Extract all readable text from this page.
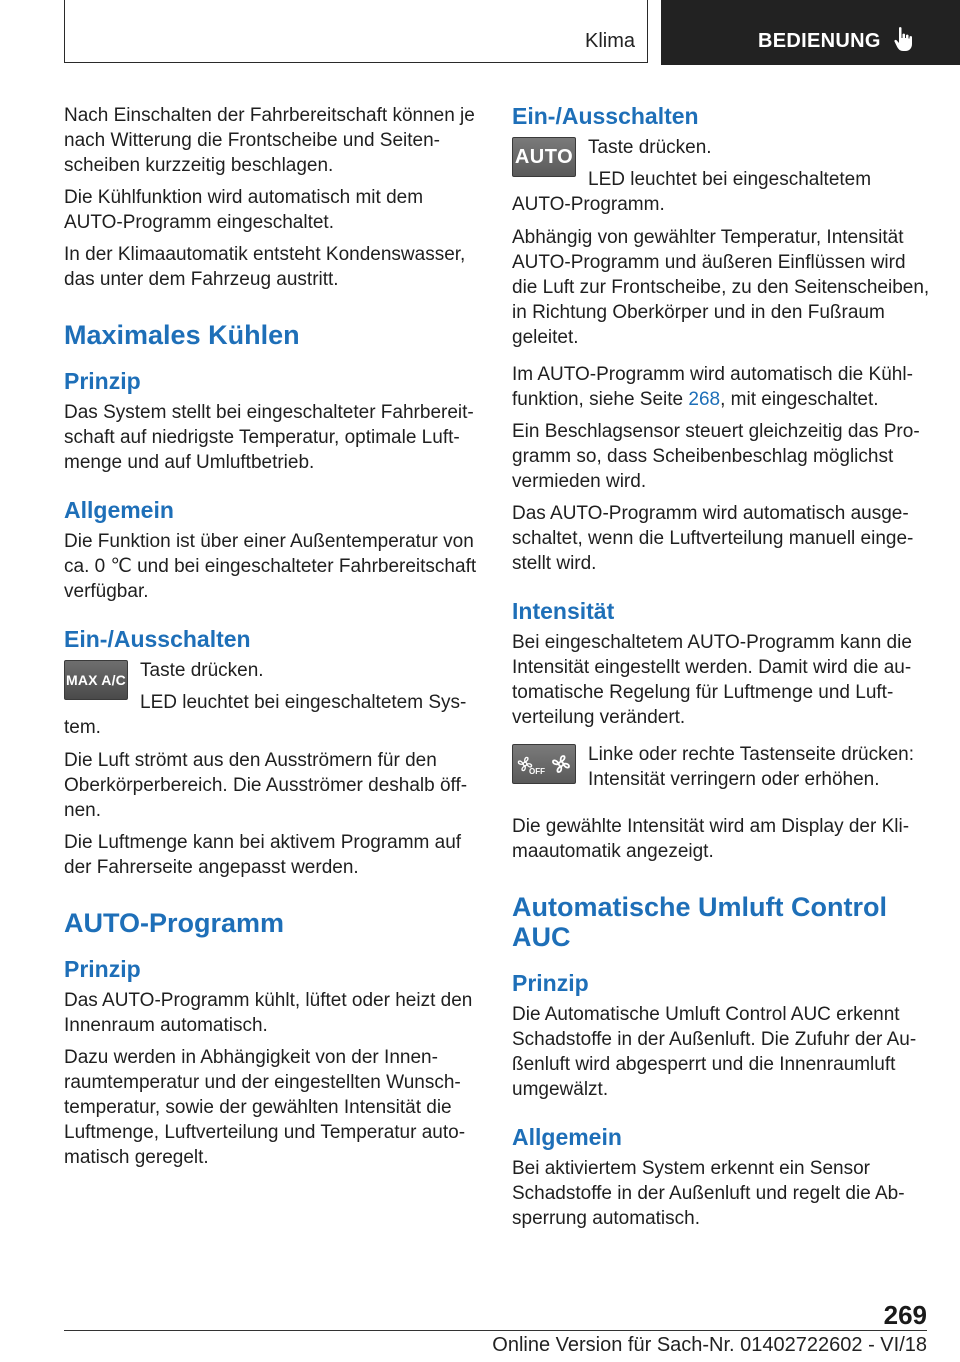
Klima	BEDIENUNG

Nach Einschalten der Fahrbereitschaft können je nach Witterung die Frontscheibe und Seitenscheiben kurzzeitig beschlagen.

Die Kühlfunktion wird automatisch mit dem AUTO-Programm eingeschaltet.

In der Klimaautomatik entsteht Kondenswasser, das unter dem Fahrzeug austritt.

Maximales Kühlen
Prinzip

Das System stellt bei eingeschalteter Fahrbereitschaft auf niedrigste Temperatur, optimale Luftmenge und auf Umluftbetrieb.

Allgemein

Die Funktion ist über einer Außentemperatur von ca. 0 ℃ und bei eingeschalteter Fahrbereitschaft verfügbar.

Ein-/Ausschalten
MAX A/C Taste drücken.

LED leuchtet bei eingeschaltetem System.

Die Luft strömt aus den Ausströmern für den Oberkörperbereich. Die Ausströmer deshalb öffnen.

Die Luftmenge kann bei aktivem Programm auf der Fahrerseite angepasst werden.

AUTO-Programm
Prinzip

Das AUTO-Programm kühlt, lüftet oder heizt den Innenraum automatisch.

Dazu werden in Abhängigkeit von der Innenraumtemperatur und der eingestellten Wunschtemperatur, sowie der gewählten Intensität die Luftmenge, Luftverteilung und Temperatur automatisch geregelt.

Ein-/Ausschalten
AUTO Taste drücken.

LED leuchtet bei eingeschaltetem AUTO-Programm.

Abhängig von gewählter Temperatur, Intensität AUTO-Programm und äußeren Einflüssen wird die Luft zur Frontscheibe, zu den Seitenscheiben, in Richtung Oberkörper und in den Fußraum geleitet.

Im AUTO-Programm wird automatisch die Kühlfunktion, siehe Seite 268, mit eingeschaltet.

Ein Beschlagsensor steuert gleichzeitig das Programm so, dass Scheibenbeschlag möglichst vermieden wird.

Das AUTO-Programm wird automatisch ausgeschaltet, wenn die Luftverteilung manuell eingestellt wird.

Intensität

Bei eingeschaltetem AUTO-Programm kann die Intensität eingestellt werden. Damit wird die automatische Regelung für Luftmenge und Luftverteilung verändert.

OFF

Linke oder rechte Tastenseite drücken: Intensität verringern oder erhöhen.

Die gewählte Intensität wird am Display der Klimaautomatik angezeigt.

Automatische Umluft Control AUC
Prinzip

Die Automatische Umluft Control AUC erkennt Schadstoffe in der Außenluft. Die Zufuhr der Außenluft wird abgesperrt und die Innenraumluft umgewälzt.

Allgemein

Bei aktiviertem System erkennt ein Sensor Schadstoffe in der Außenluft und regelt die Absperrung automatisch.

269
Online Version für Sach-Nr. 01402722602 - VI/18
